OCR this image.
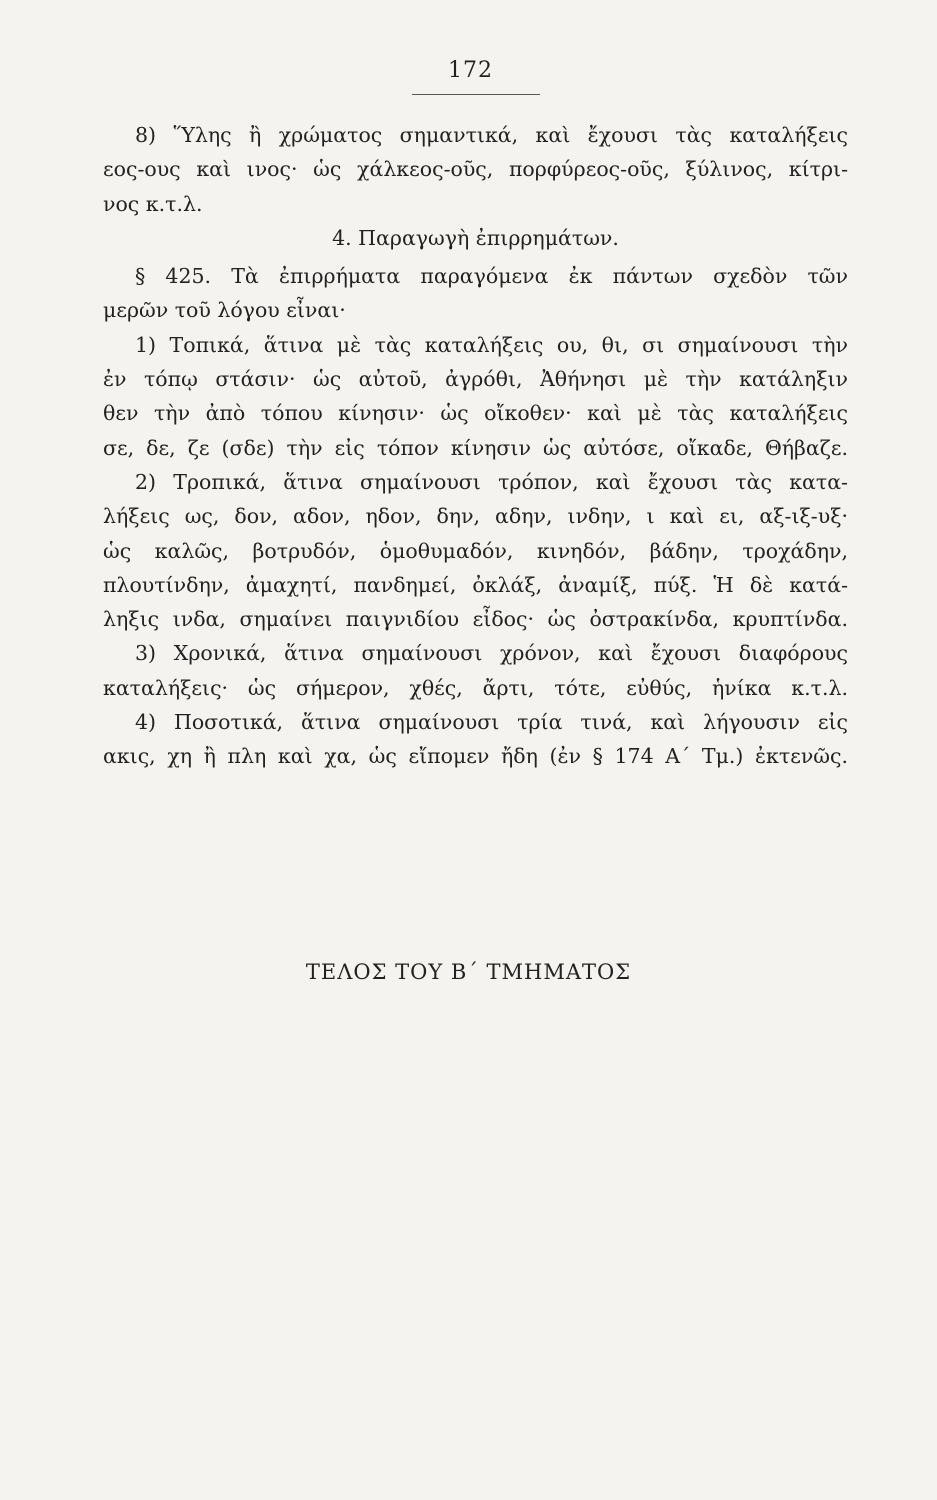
172
8) Ὕλης ἢ χρώματος σημαντικά, καὶ ἔχουσι τὰς καταλήξεις
εος-ους καὶ ινος· ὡς χάλκεος-οῦς, πορφύρεος-οῦς, ξύλινος, κίτρι-
νος κ.τ.λ.
4. Παραγωγὴ ἐπιρρημάτων.
§ 425. Τὰ ἐπιρρήματα παραγόμενα ἐκ πάντων σχεδὸν τῶν
μερῶν τοῦ λόγου εἶναι·
1) Τοπικά, ἅτινα μὲ τὰς καταλήξεις ου, θι, σι σημαίνουσι τὴν
ἐν τόπῳ στάσιν· ὡς αὐτοῦ, ἀγρόθι, Ἀθήνησι μὲ τὴν κατάληξιν
θεν τὴν ἀπὸ τόπου κίνησιν· ὡς οἴκοθεν· καὶ μὲ τὰς καταλήξεις
σε, δε, ζε (σδε) τὴν εἰς τόπον κίνησιν ὡς αὐτόσε, οἴκαδε, Θήβαζε.
2) Τροπικά, ἅτινα σημαίνουσι τρόπον, καὶ ἔχουσι τὰς κατα-
λήξεις ως, δον, αδον, ηδον, δην, αδην, ινδην, ι καὶ ει, αξ-ιξ-υξ·
ὡς καλῶς, βοτρυδόν, ὁμοθυμαδόν, κινηδόν, βάδην, τροχάδην,
πλουτίνδην, ἀμαχητί, πανδημεί, ὀκλάξ, ἀναμίξ, πύξ. Ἡ δὲ κατά-
ληξις ινδα, σημαίνει παιγνιδίου εἶδος· ὡς ὀστρακίνδα, κρυπτίνδα.
3) Χρονικά, ἅτινα σημαίνουσι χρόνον, καὶ ἔχουσι διαφόρους
καταλήξεις· ὡς σήμερον, χθές, ἄρτι, τότε, εὐθύς, ἡνίκα κ.τ.λ.
4) Ποσοτικά, ἅτινα σημαίνουσι τρία τινά, καὶ λήγουσιν εἰς
ακις, χη ἢ πλη καὶ χα, ὡς εἴπομεν ἤδη (ἐν § 174 Α΄ Τμ.) ἐκτενῶς.
ΤΕΛΟΣ ΤΟΥ Β΄ ΤΜΗΜΑΤΟΣ
